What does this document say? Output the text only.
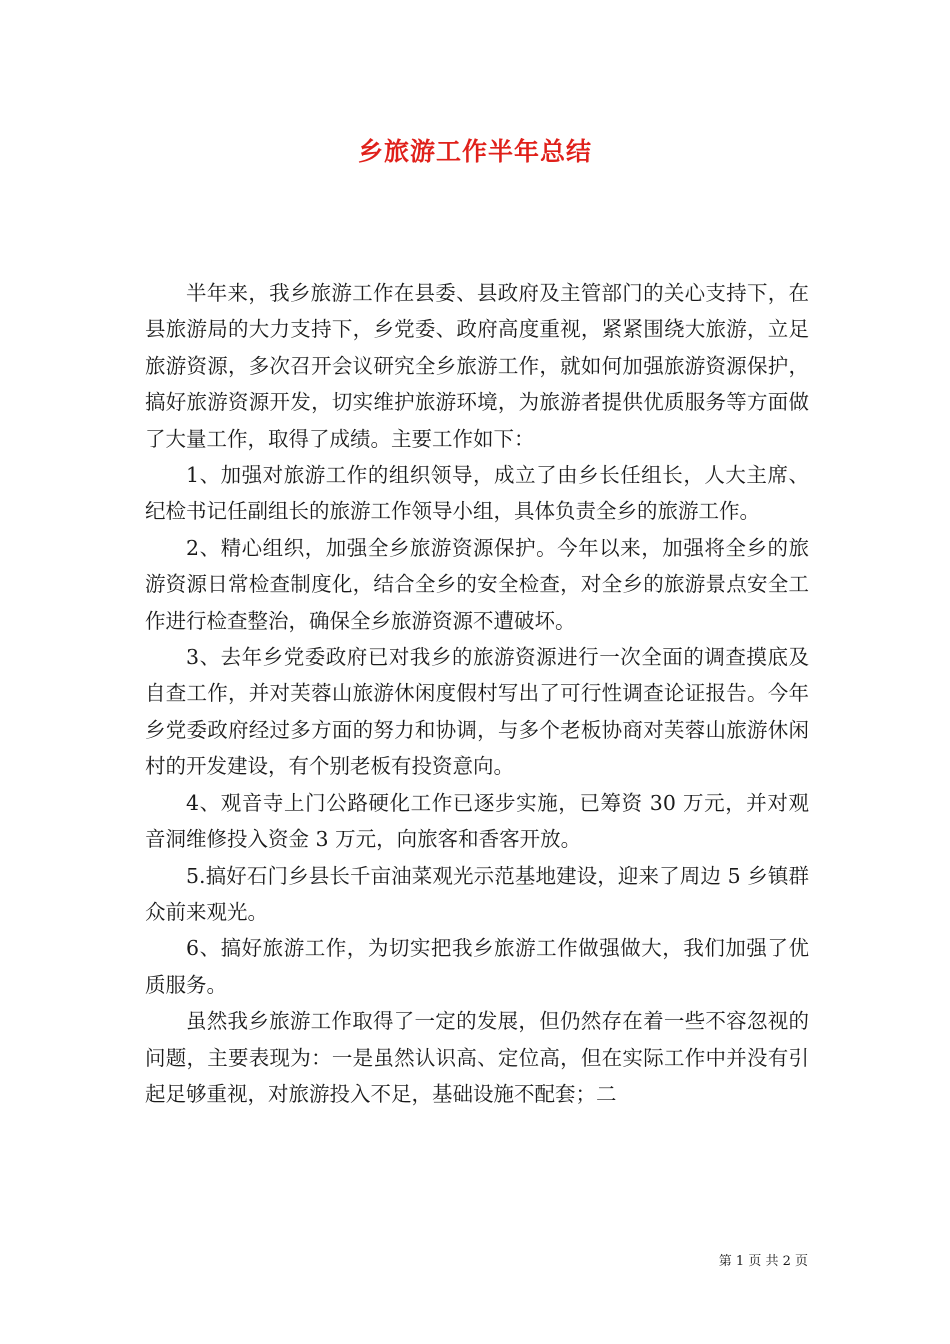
乡旅游工作半年总结

半年来，我乡旅游工作在县委、县政府及主管部门的关心支持下，在县旅游局的大力支持下，乡党委、政府高度重视，紧紧围绕大旅游，立足旅游资源，多次召开会议研究全乡旅游工作，就如何加强旅游资源保护，搞好旅游资源开发，切实维护旅游环境，为旅游者提供优质服务等方面做了大量工作，取得了成绩。主要工作如下：

1、加强对旅游工作的组织领导，成立了由乡长任组长，人大主席、纪检书记任副组长的旅游工作领导小组，具体负责全乡的旅游工作。

2、精心组织，加强全乡旅游资源保护。今年以来，加强将全乡的旅游资源日常检查制度化，结合全乡的安全检查，对全乡的旅游景点安全工作进行检查整治，确保全乡旅游资源不遭破坏。

3、去年乡党委政府已对我乡的旅游资源进行一次全面的调查摸底及自查工作，并对芙蓉山旅游休闲度假村写出了可行性调查论证报告。今年乡党委政府经过多方面的努力和协调，与多个老板协商对芙蓉山旅游休闲村的开发建设，有个别老板有投资意向。

4、观音寺上门公路硬化工作已逐步实施，已筹资 30 万元，并对观音洞维修投入资金 3 万元，向旅客和香客开放。

5.搞好石门乡县长千亩油菜观光示范基地建设，迎来了周边 5 乡镇群众前来观光。

6、搞好旅游工作，为切实把我乡旅游工作做强做大，我们加强了优质服务。

虽然我乡旅游工作取得了一定的发展，但仍然存在着一些不容忽视的问题，主要表现为：一是虽然认识高、定位高，但在实际工作中并没有引起足够重视，对旅游投入不足，基础设施不配套；二

第 1 页 共 2 页
